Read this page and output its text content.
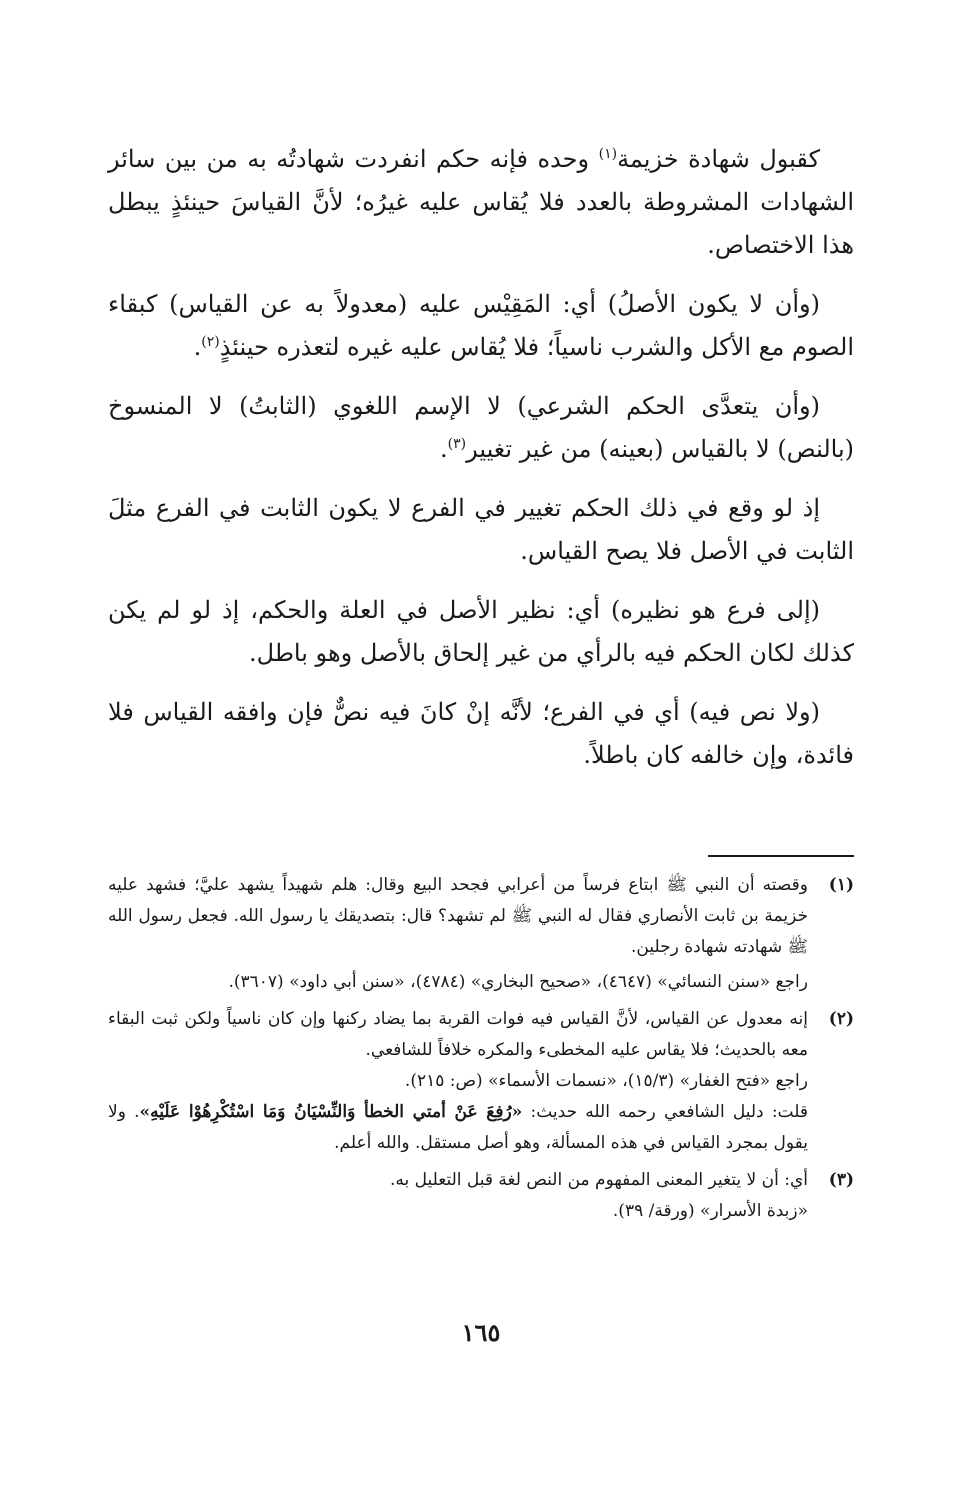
كقبول شهادة خزيمة$^{(١)}$ وحده فإنه حكم انفردت شهادتُه به من بين سائر الشهادات المشروطة بالعدد فلا يُقاس عليه غيرُه؛ لأنَّ القياسَ حينئذٍ يبطل هذا الاختصاص.
(وأن لا يكون الأصلُ) أي: المَقِيْس عليه (معدولاً به عن القياس) كبقاء الصوم مع الأكل والشرب ناسياً؛ فلا يُقاس عليه غيره لتعذره حينئذٍ$^{(٢)}$.
(وأن يتعدَّى الحكم الشرعي) لا الإسم اللغوي (الثابتُ) لا المنسوخ (بالنص) لا بالقياس (بعينه) من غير تغيير$^{(٣)}$.
إذ لو وقع في ذلك الحكم تغيير في الفرع لا يكون الثابت في الفرع مثلَ الثابت في الأصل فلا يصح القياس.
(إلى فرع هو نظيره) أي: نظير الأصل في العلة والحكم، إذ لو لم يكن كذلك لكان الحكم فيه بالرأي من غير إلحاق بالأصل وهو باطل.
(ولا نص فيه) أي في الفرع؛ لأنَّه إنْ كانَ فيه نصٌّ فإن وافقه القياس فلا فائدة، وإن خالفه كان باطلاً.
(١)
وقصته أن النبي ﷺ ابتاع فرساً من أعرابي فجحد البيع وقال: هلم شهيداً يشهد عليَّ؛ فشهد عليه خزيمة بن ثابت الأنصاري فقال له النبي ﷺ لم تشهد؟ قال: بتصديقك يا رسول الله. فجعل رسول الله ﷺ شهادته شهادة رجلين.
راجع «سنن النسائي» (٤٦٤٧)، «صحيح البخاري» (٤٧٨٤)، «سنن أبي داود» (٣٦٠٧).
(٢)
إنه معدول عن القياس، لأنَّ القياس فيه فوات القربة بما يضاد ركنها وإن كان ناسياً ولكن ثبت البقاء معه بالحديث؛ فلا يقاس عليه المخطىء والمكره خلافاً للشافعي.
راجع «فتح الغفار» (١٥/٣)، «نسمات الأسماء» (ص: ٢١٥).
قلت: دليل الشافعي رحمه الله حديث: «رُفِعَ عَنْ أمتي الخطأ وَالنِّسْيَانُ وَمَا اسْتُكْرِهُوْا عَلَيْهِ». ولا يقول بمجرد القياس في هذه المسألة، وهو أصل مستقل. والله أعلم.
(٣)
أي: أن لا يتغير المعنى المفهوم من النص لغة قبل التعليل به.
«زبدة الأسرار» (ورقة/ ٣٩).
١٦٥
